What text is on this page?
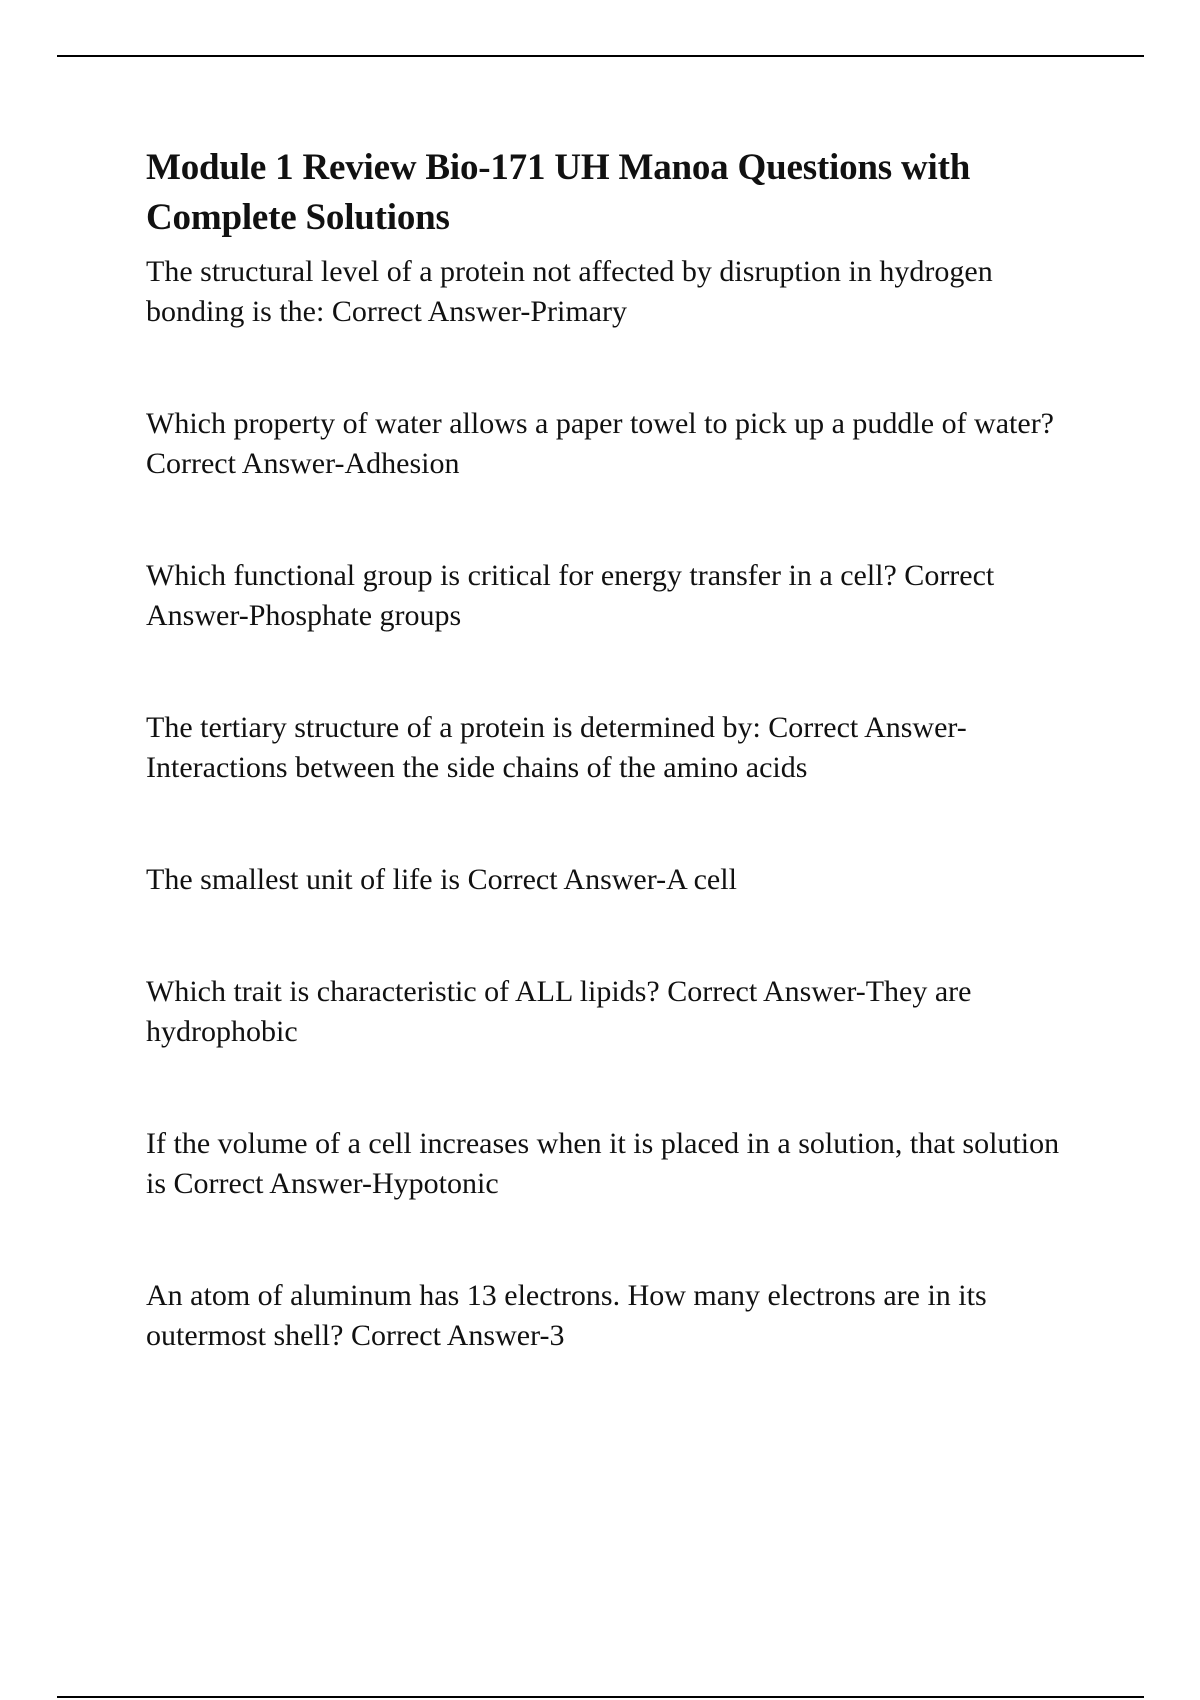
Module 1 Review Bio-171 UH Manoa Questions with Complete Solutions

The structural level of a protein not affected by disruption in hydrogen bonding is the: Correct Answer-Primary

Which property of water allows a paper towel to pick up a puddle of water? Correct Answer-Adhesion

Which functional group is critical for energy transfer in a cell? Correct Answer-Phosphate groups

The tertiary structure of a protein is determined by: Correct Answer-Interactions between the side chains of the amino acids

The smallest unit of life is Correct Answer-A cell

Which trait is characteristic of ALL lipids? Correct Answer-They are hydrophobic

If the volume of a cell increases when it is placed in a solution, that solution is Correct Answer-Hypotonic

An atom of aluminum has 13 electrons. How many electrons are in its outermost shell? Correct Answer-3
